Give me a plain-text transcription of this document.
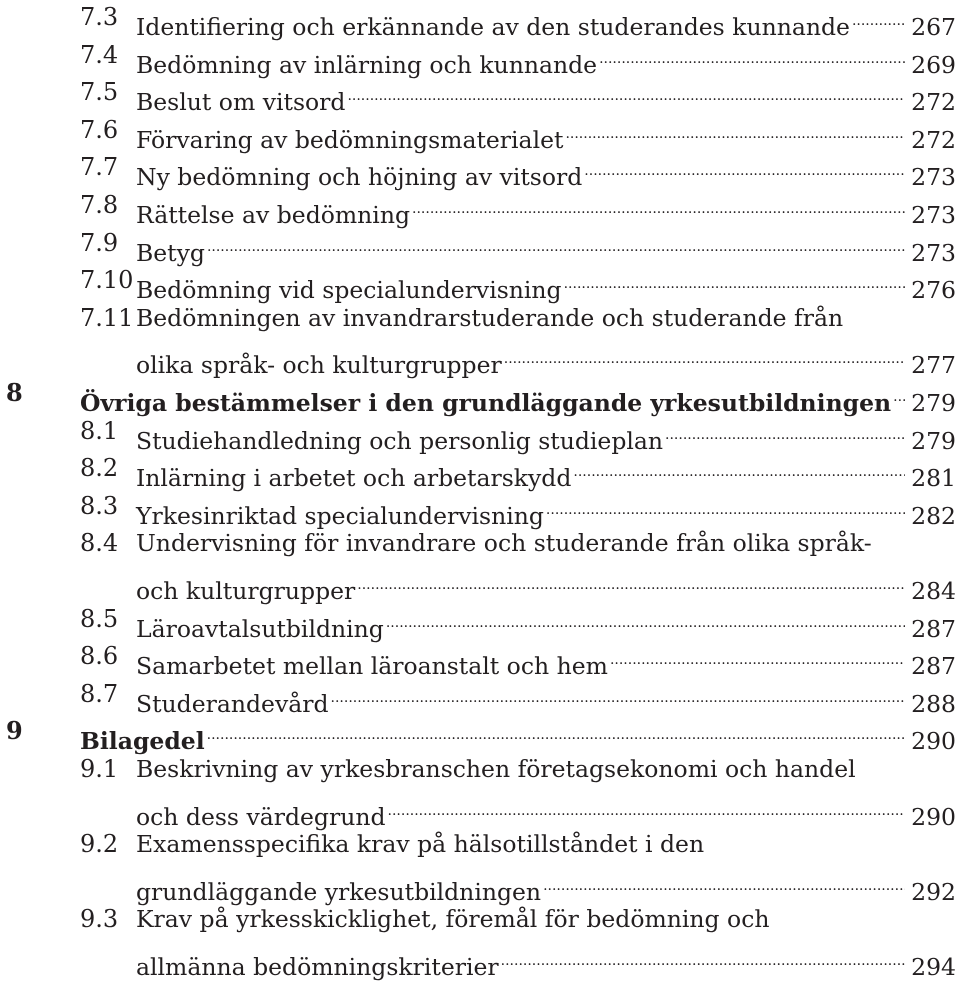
7.3 Identifiering och erkännande av den studerandes kunnande .....	267
7.4 Bedömning av inlärning och kunnande .....	269
7.5 Beslut om vitsord .....	272
7.6 Förvaring av bedömningsmaterialet .....	272
7.7 Ny bedömning och höjning av vitsord .....	273
7.8 Rättelse av bedömning .....	273
7.9 Betyg .....	273
7.10 Bedömning vid specialundervisning .....	276
7.11 Bedömningen av invandrarstuderande och studerande från
olika språk- och kulturgrupper .....	277
8 Övriga bestämmelser i den grundläggande yrkesutbildningen ..... 279
8.1 Studiehandledning och personlig studieplan .....	279
8.2 Inlärning i arbetet och arbetarskydd .....	281
8.3 Yrkesinriktad specialundervisning .....	282
8.4 Undervisning för invandrare och studerande från olika språk-
och kulturgrupper .....	284
8.5 Läroavtalsutbildning .....	287
8.6 Samarbetet mellan läroanstalt och hem .....	287
8.7 Studerandevård .....	288
9 Bilagedel .....	290
9.1 Beskrivning av yrkesbranschen företagsekonomi och handel
och dess värdegrund .....	290
9.2 Examensspecifika krav på hälsotillståndet i den
grundläggande yrkesutbildningen .....	292
9.3 Krav på yrkesskicklighet, föremål för bedömning och
allmänna bedömningskriterier .....	294
